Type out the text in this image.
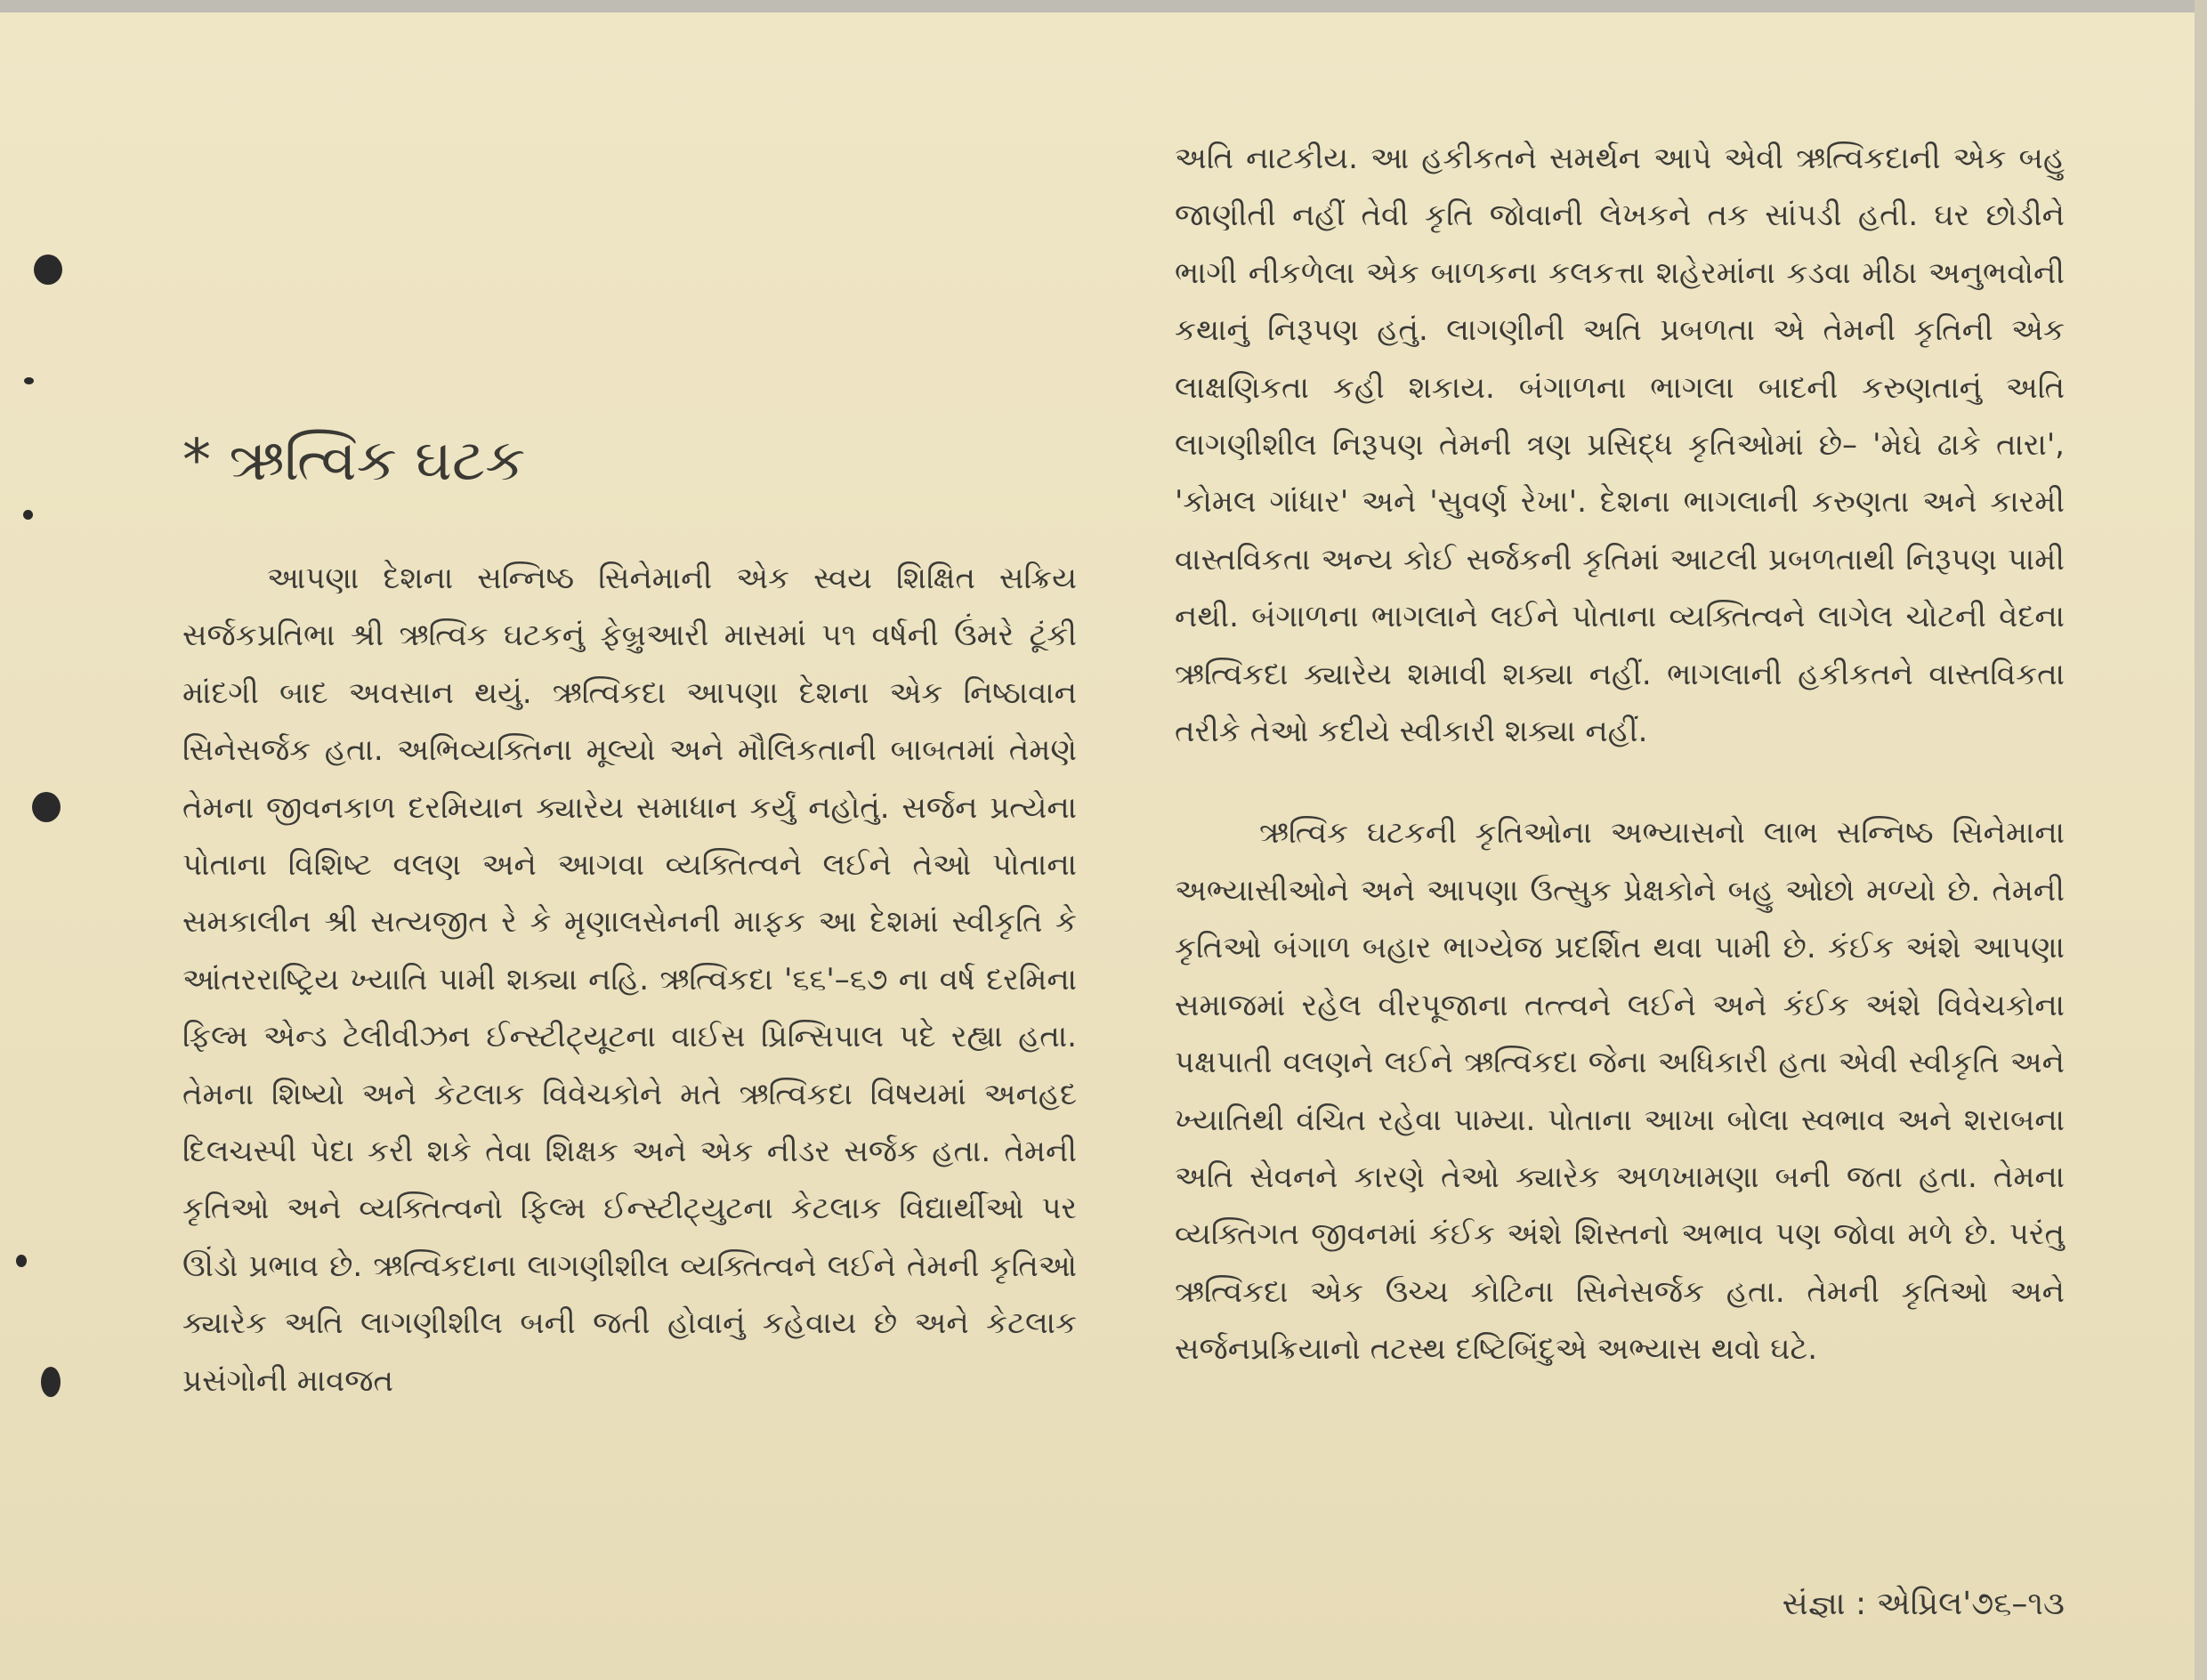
* ઋત્વિક ઘટક

આપણા દેશના સન્નિષ્ઠ સિનેમાની એક સ્વય શિક્ષિત સક્રિય સર્જકપ્રતિભા શ્રી ઋત્વિક ઘટકનું ફેબ્રુઆરી માસમાં ૫૧ વર્ષની ઉંમરે ટૂંકી માંદગી બાદ અવસાન થયું. ઋત્વિકદા આપણા દેશના એક નિષ્ઠાવાન સિનેસર્જક હતા. અભિવ્યક્તિના મૂલ્યો અને મૌલિકતાની બાબતમાં તેમણે તેમના જીવનકાળ દરમિયાન ક્યારેય સમાધાન કર્યું નહોતું. સર્જન પ્રત્યેના પોતાના વિશિષ્ટ વલણ અને આગવા વ્યક્તિત્વને લઈને તેઓ પોતાના સમકાલીન શ્રી સત્યજીત રે કે મૃણાલસેનની માફક આ દેશમાં સ્વીકૃતિ કે આંતરરાષ્ટ્રિય ખ્યાતિ પામી શક્યા નહિ. ઋત્વિકદા '૬૬'–૬૭ ના વર્ષ દરમિના ફિલ્મ એન્ડ ટેલીવીઝન ઈન્સ્ટીટ્યૂટના વાઈસ પ્રિન્સિપાલ પદે રહ્યા હતા. તેમના શિષ્યો અને કેટલાક વિવેચકોને મતે ઋત્વિકદા વિષયમાં અનહદ દિલચસ્પી પેદા કરી શકે તેવા શિક્ષક અને એક નીડર સર્જક હતા. તેમની કૃતિઓ અને વ્યક્તિત્વનો ફિલ્મ ઈન્સ્ટીટ્યુટના કેટલાક વિદ્યાર્થીઓ પર ઊંડો પ્રભાવ છે. ઋત્વિકદાના લાગણીશીલ વ્યક્તિત્વને લઈને તેમની કૃતિઓ ક્યારેક અતિ લાગણીશીલ બની જતી હોવાનું કહેવાય છે અને કેટલાક પ્રસંગોની માવજત

અતિ નાટકીય. આ હકીકતને સમર્થન આપે એવી ઋત્વિકદાની એક બહુ જાણીતી નહીં તેવી કૃતિ જોવાની લેખકને તક સાંપડી હતી. ઘર છોડીને ભાગી નીકળેલા એક બાળકના કલકત્તા શહેરમાંના કડવા મીઠા અનુભવોની કથાનું નિરૂપણ હતું. લાગણીની અતિ પ્રબળતા એ તેમની કૃતિની એક લાક્ષણિકતા કહી શકાય. બંગાળના ભાગલા બાદની કરુણતાનું અતિ લાગણીશીલ નિરૂપણ તેમની ત્રણ પ્રસિદ્ધ કૃતિઓમાં છે– 'મેઘે ઢાકે તારા', 'કોમલ ગાંધાર' અને 'સુવર્ણ રેખા'. દેશના ભાગલાની કરુણતા અને કારમી વાસ્તવિકતા અન્ય કોઈ સર્જકની કૃતિમાં આટલી પ્રબળતાથી નિરૂપણ પામી નથી. બંગાળના ભાગલાને લઈને પોતાના વ્યક્તિત્વને લાગેલ ચોટની વેદના ઋત્વિકદા ક્યારેય શમાવી શક્યા નહીં. ભાગલાની હકીકતને વાસ્તવિકતા તરીકે તેઓ કદીયે સ્વીકારી શક્યા નહીં.

ઋત્વિક ઘટકની કૃતિઓના અભ્યાસનો લાભ સન્નિષ્ઠ સિનેમાના અભ્યાસીઓને અને આપણા ઉત્સુક પ્રેક્ષકોને બહુ ઓછો મળ્યો છે. તેમની કૃતિઓ બંગાળ બહાર ભાગ્યેજ પ્રદર્શિત થવા પામી છે. કંઈક અંશે આપણા સમાજમાં રહેલ વીરપૂજાના તત્ત્વને લઈને અને કંઈક અંશે વિવેચકોના પક્ષપાતી વલણને લઈને ઋત્વિકદા જેના અધિકારી હતા એવી સ્વીકૃતિ અને ખ્યાતિથી વંચિત રહેવા પામ્યા. પોતાના આખા બોલા સ્વભાવ અને શરાબના અતિ સેવનને કારણે તેઓ ક્યારેક અળખામણા બની જતા હતા. તેમના વ્યક્તિગત જીવનમાં કંઈક અંશે શિસ્તનો અભાવ પણ જોવા મળે છે. પરંતુ ઋત્વિકદા એક ઉચ્ચ કોટિના સિનેસર્જક હતા. તેમની કૃતિઓ અને સર્જનપ્રક્રિયાનો તટસ્થ દષ્ટિબિંદુએ અભ્યાસ થવો ઘટે.

સંજ્ઞા : એપ્રિલ'૭૬–૧૩
